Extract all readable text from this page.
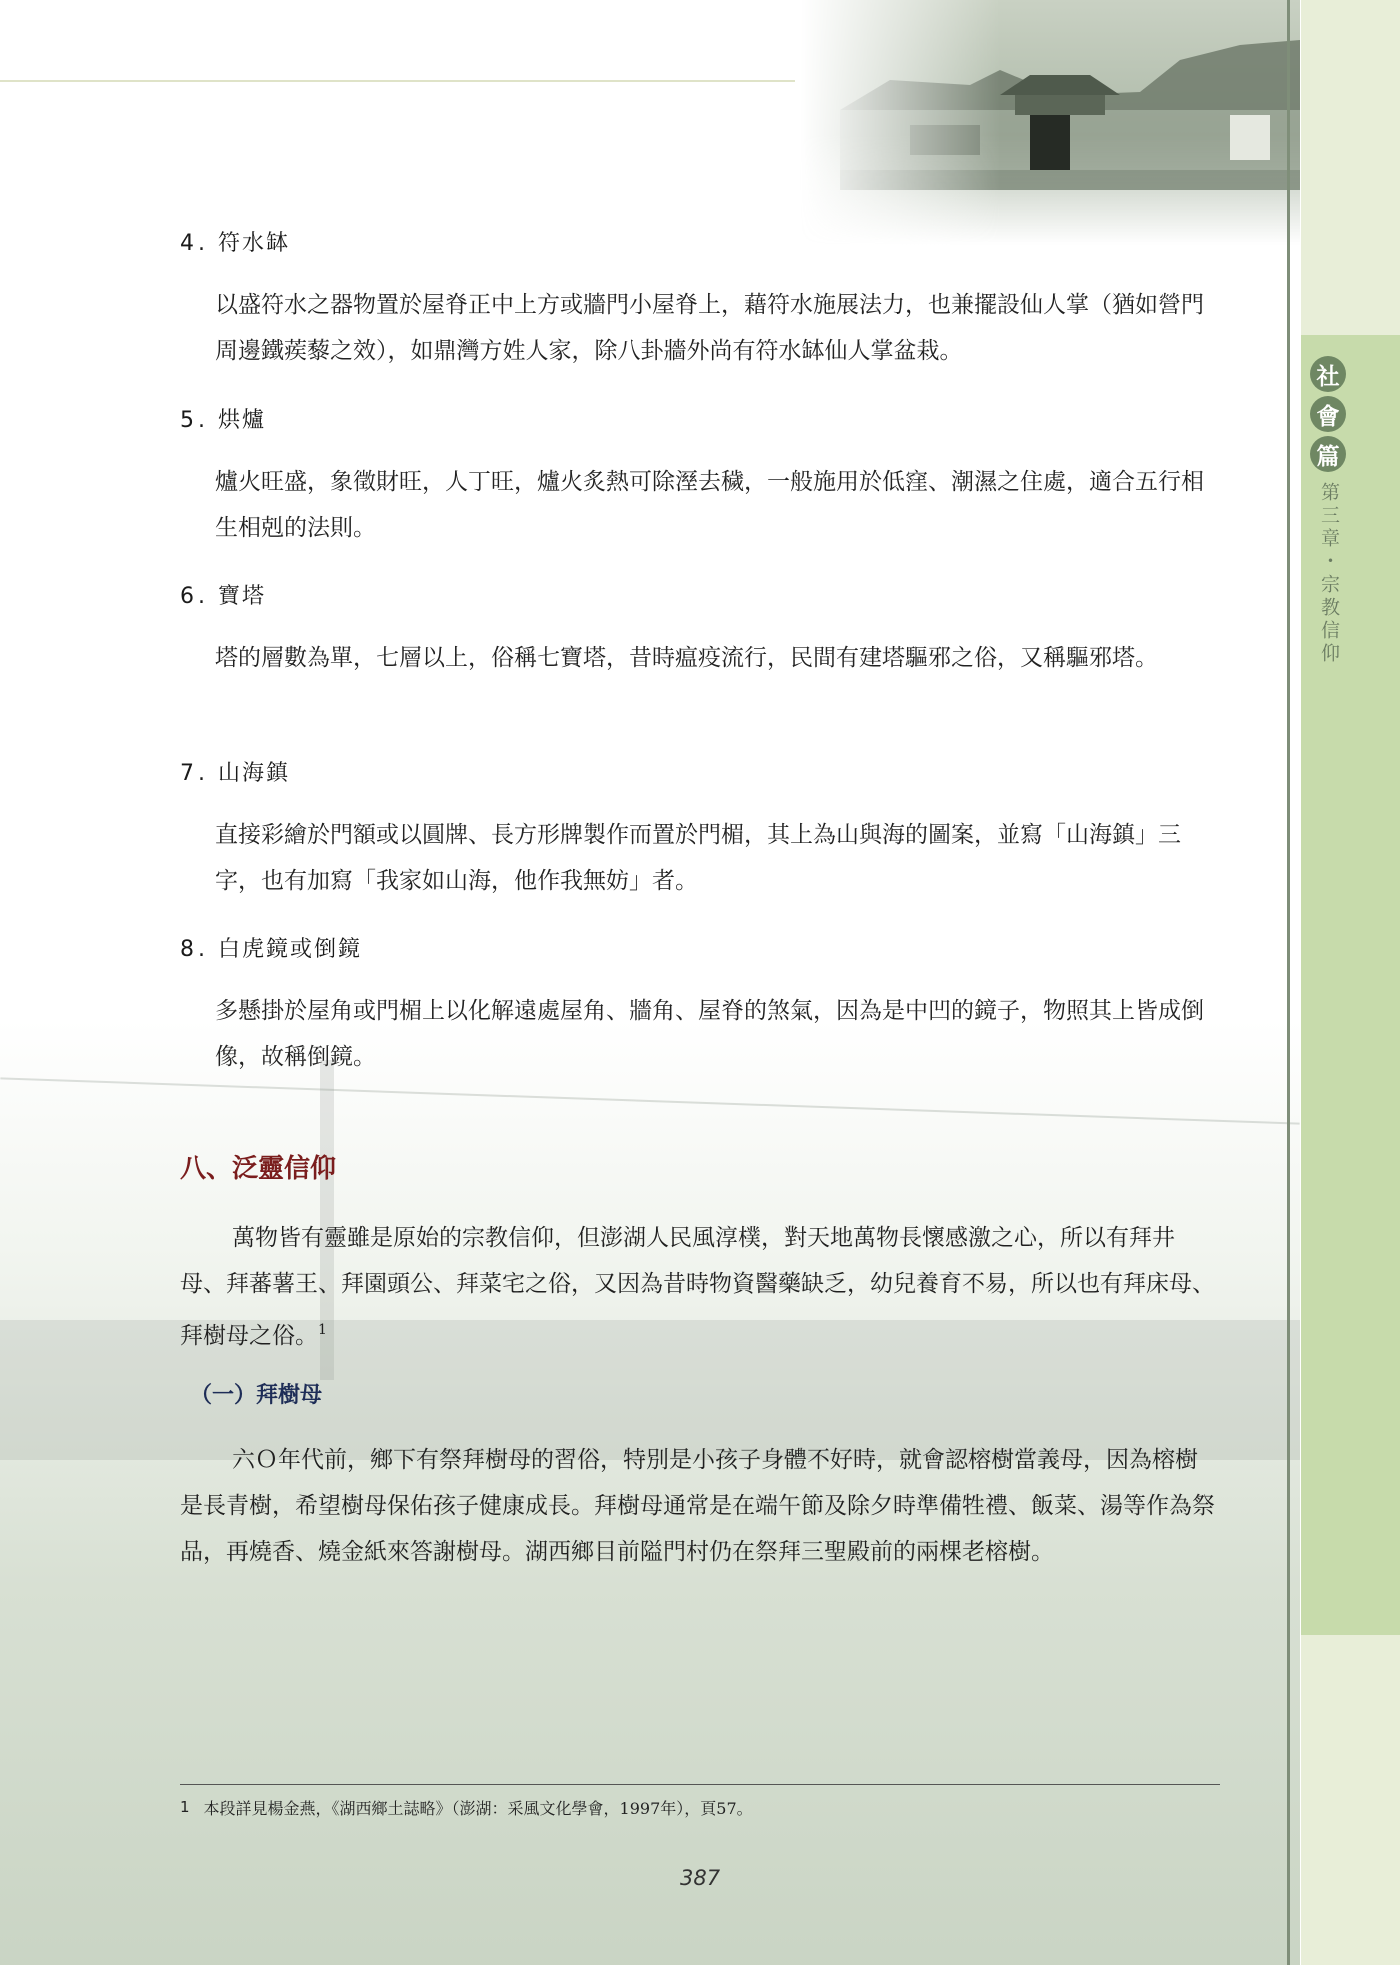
社
會
篇
第三章・宗教信仰
4. 符水缽
以盛符水之器物置於屋脊正中上方或牆門小屋脊上，藉符水施展法力，也兼擺設仙人掌（猶如營門周邊鐵蒺藜之效），如鼎灣方姓人家，除八卦牆外尚有符水缽仙人掌盆栽。
5. 烘爐
爐火旺盛，象徵財旺，人丁旺，爐火炙熱可除溼去穢，一般施用於低窪、潮濕之住處，適合五行相生相剋的法則。
6. 寶塔
塔的層數為單，七層以上，俗稱七寶塔，昔時瘟疫流行，民間有建塔驅邪之俗，又稱驅邪塔。
7. 山海鎮
直接彩繪於門額或以圓牌、長方形牌製作而置於門楣，其上為山與海的圖案，並寫「山海鎮」三字，也有加寫「我家如山海，他作我無妨」者。
8. 白虎鏡或倒鏡
多懸掛於屋角或門楣上以化解遠處屋角、牆角、屋脊的煞氣，因為是中凹的鏡子，物照其上皆成倒像，故稱倒鏡。
八、泛靈信仰
萬物皆有靈雖是原始的宗教信仰，但澎湖人民風淳樸，對天地萬物長懷感激之心，所以有拜井母、拜蕃薯王、拜園頭公、拜菜宅之俗，又因為昔時物資醫藥缺乏，幼兒養育不易，所以也有拜床母、拜樹母之俗。$^1$
（一）拜樹母
六Ｏ年代前，鄉下有祭拜樹母的習俗，特別是小孩子身體不好時，就會認榕樹當義母，因為榕樹是長青樹，希望樹母保佑孩子健康成長。拜樹母通常是在端午節及除夕時準備牲禮、飯菜、湯等作為祭品，再燒香、燒金紙來答謝樹母。湖西鄉目前隘門村仍在祭拜三聖殿前的兩棵老榕樹。
1 本段詳見楊金燕，《湖西鄉土誌略》（澎湖：采風文化學會，1997年），頁57。
387
